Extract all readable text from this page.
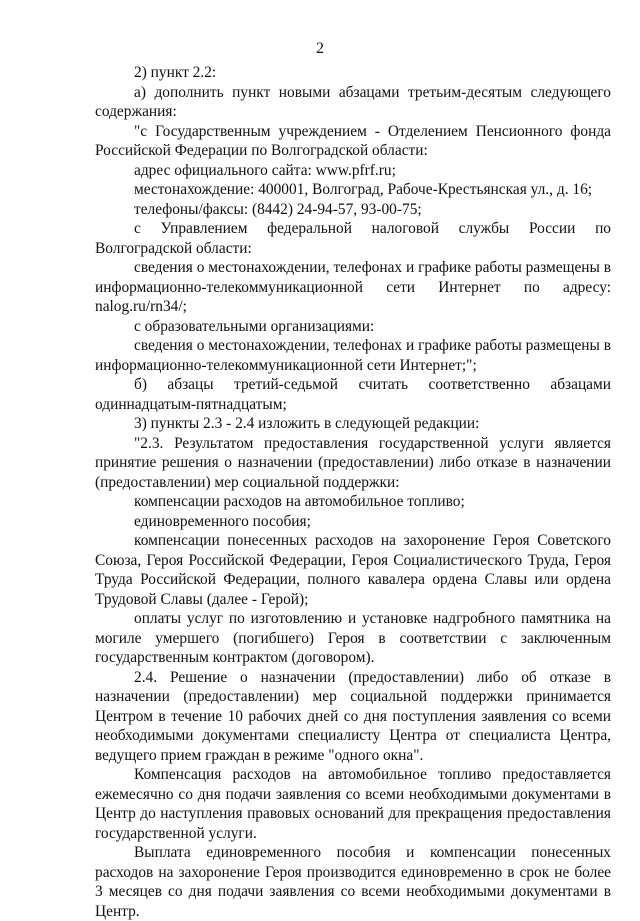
2

2) пункт 2.2:

а) дополнить пункт новыми абзацами третьим-десятым следующего содержания:

"с Государственным учреждением - Отделением Пенсионного фонда Российской Федерации по Волгоградской области:

адрес официального сайта: www.pfrf.ru;

местонахождение: 400001, Волгоград, Рабоче-Крестьянская ул., д. 16;

телефоны/факсы: (8442) 24-94-57, 93-00-75;

с Управлением федеральной налоговой службы России по Волгоградской области:

сведения о местонахождении, телефонах и графике работы размещены в информационно-телекоммуникационной сети Интернет по адресу: nalog.ru/rn34/;

с образовательными организациями:

сведения о местонахождении, телефонах и графике работы размещены в информационно-телекоммуникационной сети Интернет;";

б) абзацы третий-седьмой считать соответственно абзацами одиннадцатым-пятнадцатым;

3) пункты 2.3 - 2.4 изложить в следующей редакции:

"2.3. Результатом предоставления государственной услуги является принятие решения о назначении (предоставлении) либо отказе в назначении (предоставлении) мер социальной поддержки:

компенсации расходов на автомобильное топливо;

единовременного пособия;

компенсации понесенных расходов на захоронение Героя Советского Союза, Героя Российской Федерации, Героя Социалистического Труда, Героя Труда Российской Федерации, полного кавалера ордена Славы или ордена Трудовой Славы (далее - Герой);

оплаты услуг по изготовлению и установке надгробного памятника на могиле умершего (погибшего) Героя в соответствии с заключенным государственным контрактом (договором).

2.4. Решение о назначении (предоставлении) либо об отказе в назначении (предоставлении) мер социальной поддержки принимается Центром в течение 10 рабочих дней со дня поступления заявления со всеми необходимыми документами специалисту Центра от специалиста Центра, ведущего прием граждан в режиме "одного окна".

Компенсация расходов на автомобильное топливо предоставляется ежемесячно со дня подачи заявления со всеми необходимыми документами в Центр до наступления правовых оснований для прекращения предоставления государственной услуги.

Выплата единовременного пособия и компенсации понесенных расходов на захоронение Героя производится единовременно в срок не более 3 месяцев со дня подачи заявления со всеми необходимыми документами в Центр.
